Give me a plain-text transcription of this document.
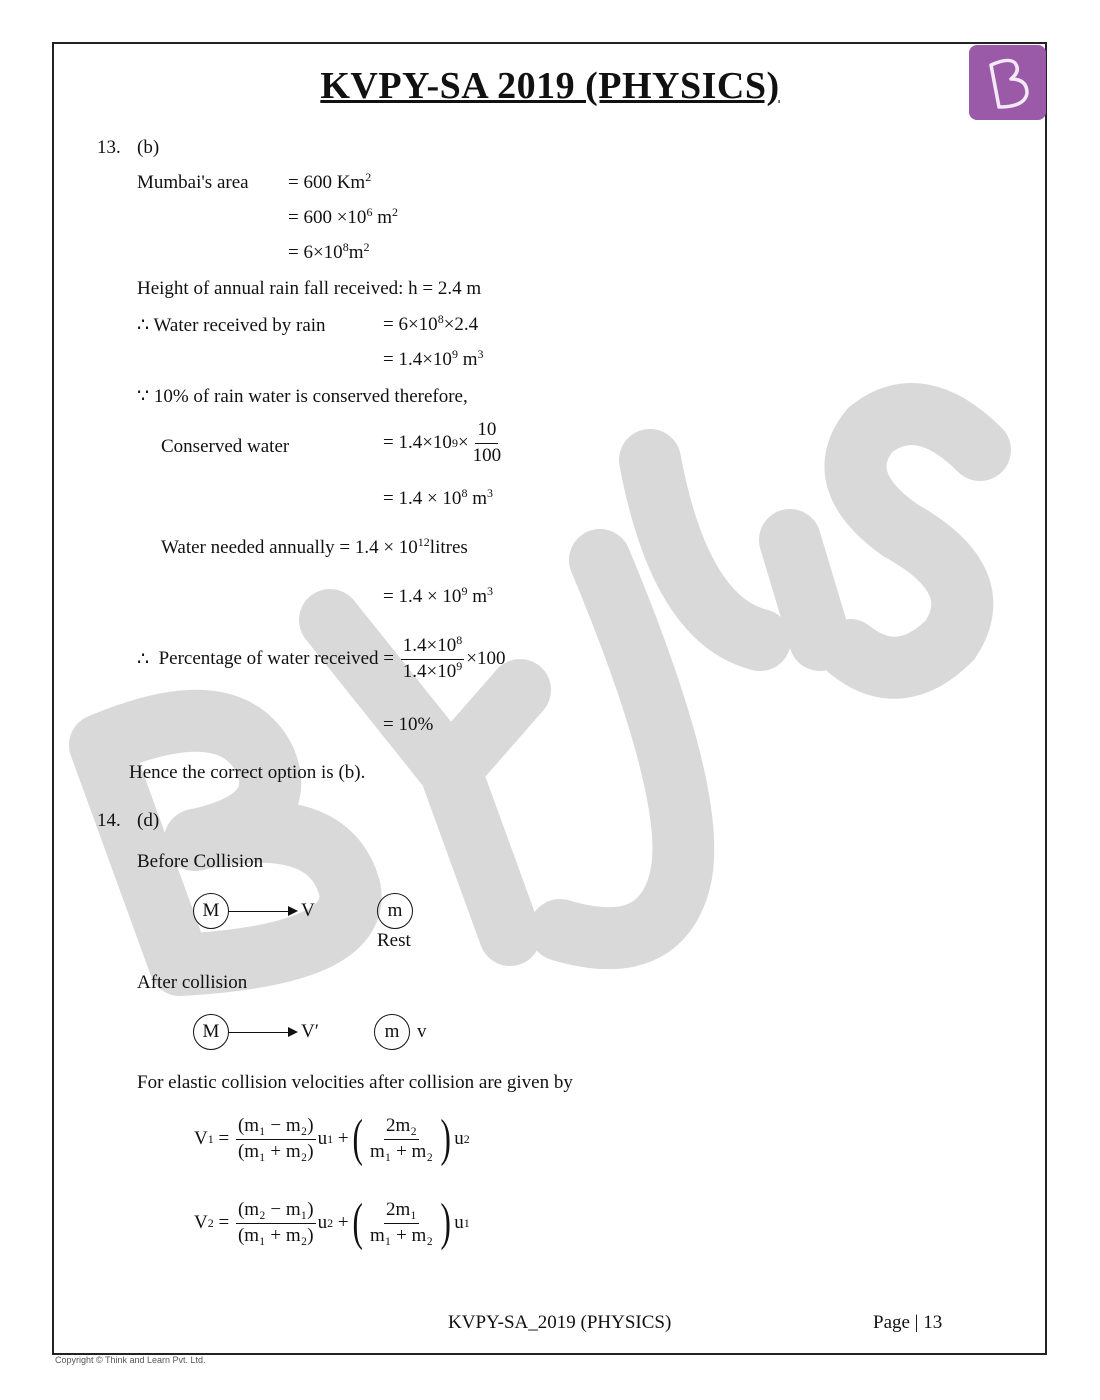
KVPY-SA 2019 (PHYSICS)
13. (b)
Mumbai's area = 600 $Km^2$
= $600 \times 10^6$ $m^2$
= $6\times 10^8m^2$
Height of annual rain fall received: h = 2.4 m
∴ Water received by rain	= $6\times 10^8\times 2.4$
= $1.4\times 10^9$ $m^3$
∵ 10% of rain water is conserved therefore,
Conserved water	= 1.4×10 $9 \times \frac{10}{100}$
= $1.4 \times 10^8$ $m^3$
Water needed annually = $1.4 \times 10^{12}litres$
= $1.4 \times 10^9$ $m^3$
∴
Percentage of water received =
$\frac{1.4\times 10^8}{1.4\times 10^9} \times 100$
= 10%
Hence the correct option is (b).
14. (d)
Before Collision
M	V	m
Rest
After collision
M	V′	m v
For elastic collision velocities after collision are given by
V $1 = \frac{\text{(m₁ − m₂)}}{\text{(m₁ + m₂)}}$ u 1 + ( $\frac{\text{2m₂}}{\text{m₁ + m₂}}$ ) u 2
V $2 = \frac{\text{(m₂ − m₁)}}{\text{(m₁ + m₂)}}$ u 2 + ( $\frac{\text{2m₁}}{\text{m₁ + m₂}}$ ) u 1
KVPY-SA_2019 (PHYSICS)	Page | 13
Copyright © Think and Learn Pvt. Ltd.
